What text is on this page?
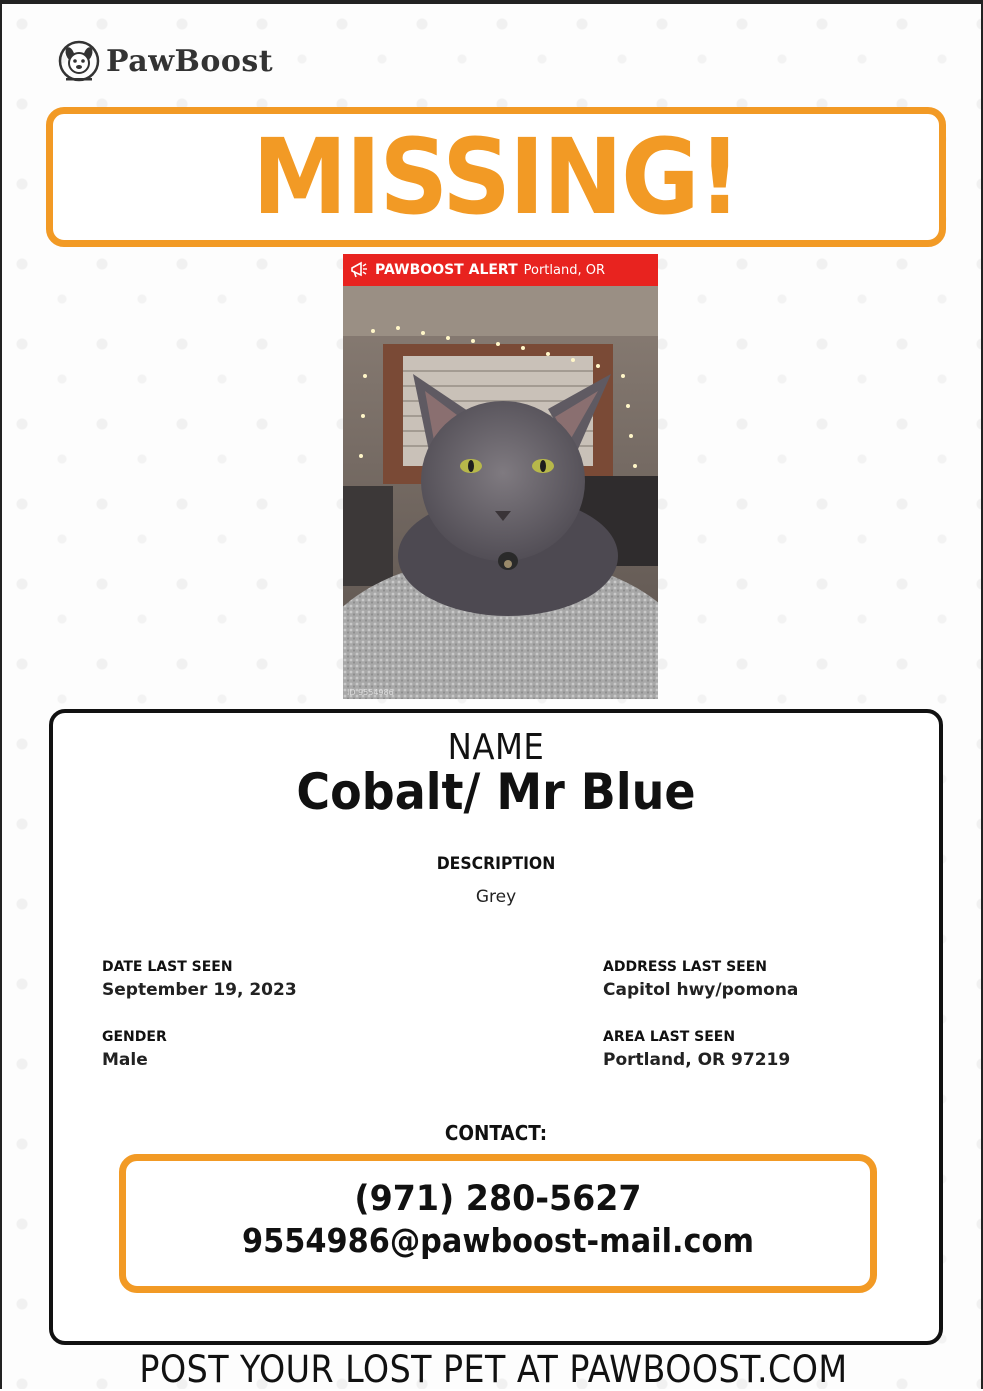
PawBoost
MISSING!
PAWBOOST ALERT Portland, OR
ID 9554986
NAME
Cobalt/ Mr Blue
DESCRIPTION
Grey
DATE LAST SEEN
September 19, 2023
ADDRESS LAST SEEN
Capitol hwy/pomona
GENDER
Male
AREA LAST SEEN
Portland, OR 97219
CONTACT:
(971) 280-5627
9554986@pawboost-mail.com
POST YOUR LOST PET AT PAWBOOST.COM
